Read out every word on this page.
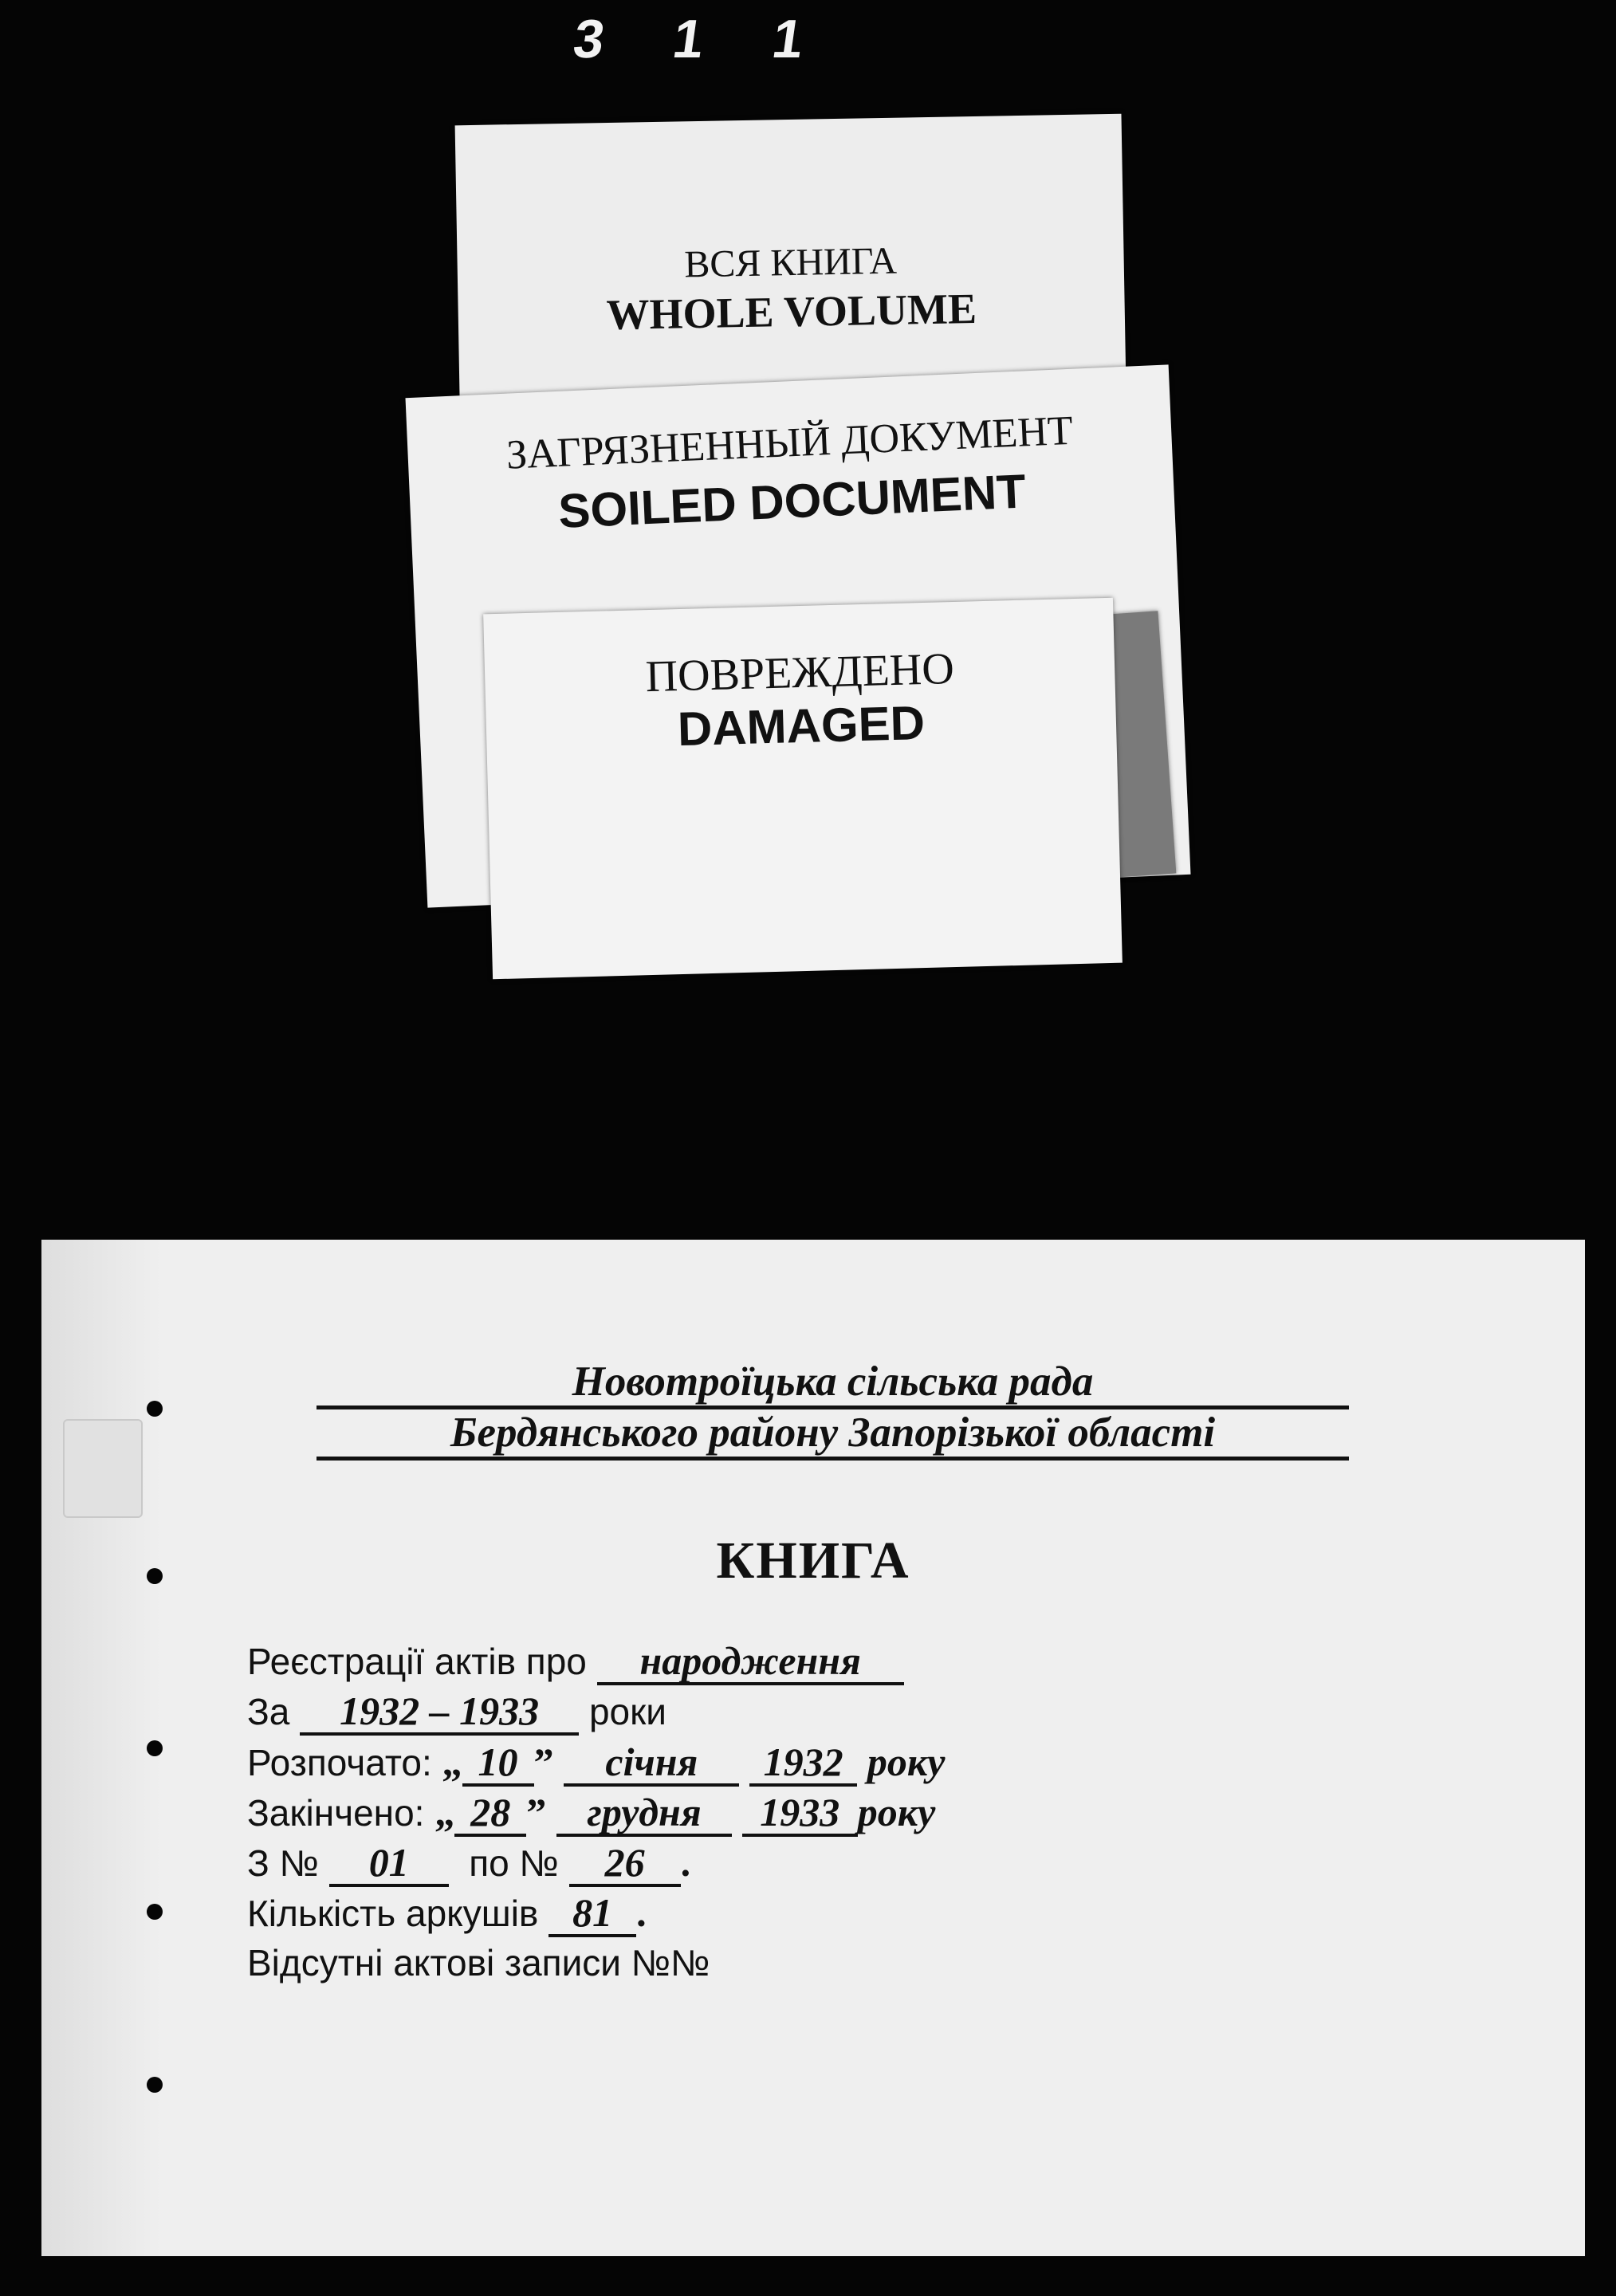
3 1 1
ВСЯ КНИГА
WHOLE VOLUME
ЗАГРЯЗНЕННЫЙ ДОКУМЕНТ
SOILED DOCUMENT
ПОВРЕЖДЕНО
DAMAGED
Новотроїцька сільська рада
Бердянського району Запорізької області
КНИГА
Реєстрації актів про народження
За 1932 – 1933 роки
Розпочато: „ 10 ” січня 1932 року
Закінчено: „ 28 ” грудня 1933 року
З № 01 по № 26 .
Кількість аркушів 81 .
Відсутні актові записи №№
